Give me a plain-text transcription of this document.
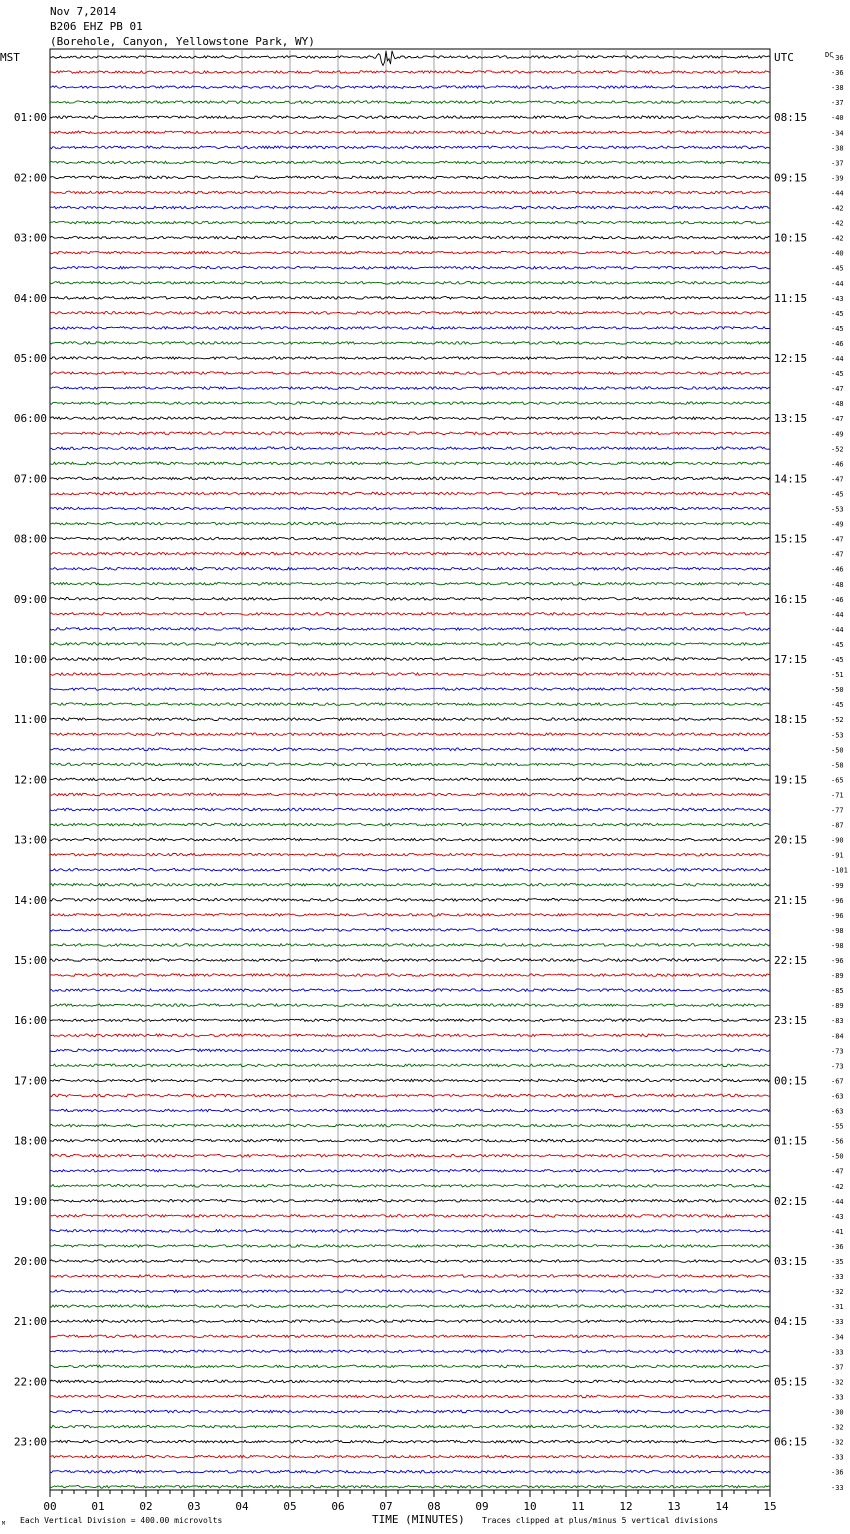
Nov 7,2014
B206 EHZ PB 01
(Borehole, Canyon, Yellowstone Park, WY)
-36
-36
-38
-37
-40
-34
-38
-37
-39
-44
-42
-42
-42
-40
-45
-44
-43
-45
-45
-46
-44
-45
-47
-48
-47
-49
-52
-46
-47
-45
-53
-49
-47
-47
-46
-48
-46
-44
-44
-45
-45
-51
-50
-45
-52
-53
-50
-58
-65
-71
-77
-87
-90
-91
-101
-99
-96
-96
-98
-98
-96
-89
-85
-89
-83
-84
-73
-73
-67
-63
-63
-55
-56
-50
-47
-42
-44
-43
-41
-36
-35
-33
-32
-31
-33
-34
-33
-37
-32
-33
-30
-32
-32
-33
-36
-33
UTC
01:00	08:15
02:00	09:15
03:00	10:15
04:00	11:15
05:00	12:15
06:00	13:15
07:00	14:15
08:00	15:15
09:00	16:15
10:00	17:15
11:00	18:15
12:00	19:15
13:00	20:15
14:00	21:15
15:00	22:15
16:00	23:15
17:00	00:15
18:00	01:15
19:00	02:15
20:00	03:15
21:00	04:15
22:00	05:15
23:00	06:15
00	01	02	03	04	05	06	07	08	09	10	11	12	13	14	15
MST	DC
TIME (MINUTES)
Each Vertical Division = 400.00 microvolts	Traces clipped at plus/minus 5 vertical divisions
M
